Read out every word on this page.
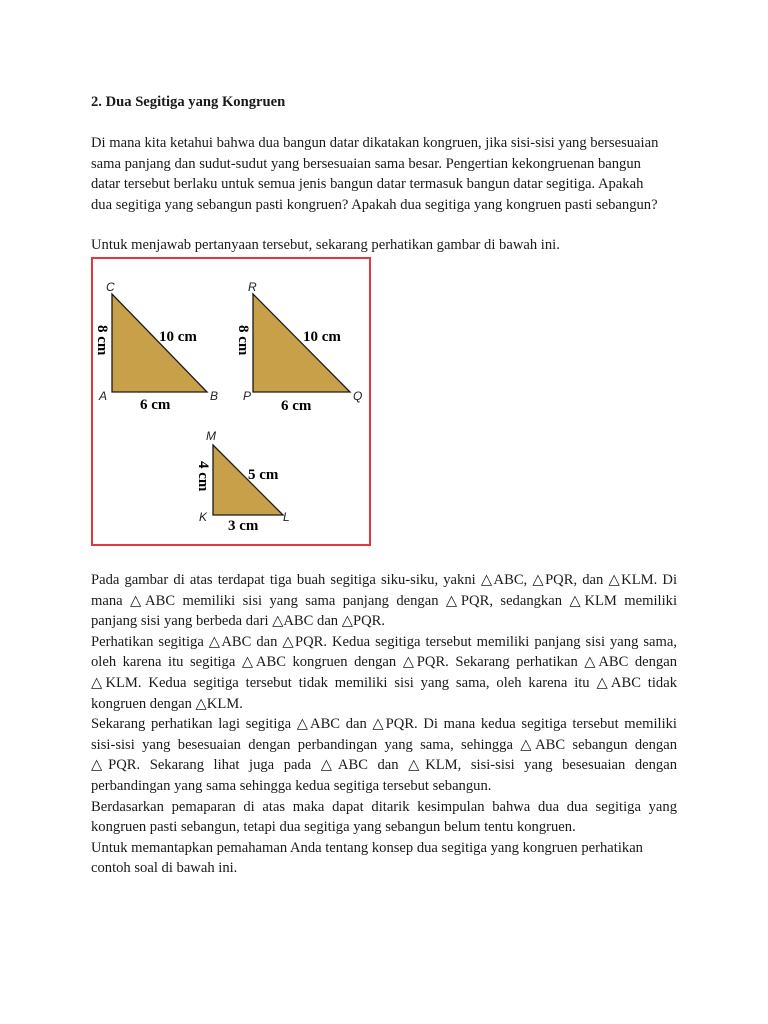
2. Dua Segitiga yang Kongruen
Di mana kita ketahui bahwa dua bangun datar dikatakan kongruen, jika sisi-sisi yang bersesuaian
sama panjang dan sudut-sudut yang bersesuaian sama besar. Pengertian kekongruenan bangun
datar tersebut berlaku untuk semua jenis bangun datar termasuk bangun datar segitiga. Apakah
dua segitiga yang sebangun pasti kongruen? Apakah dua segitiga yang kongruen pasti sebangun?
Untuk menjawab pertanyaan tersebut, sekarang perhatikan gambar di bawah ini.
C
A	B
8 cm	10 cm
6 cm
R
P	Q
8 cm	10 cm
6 cm
M
K	L
4 cm 5 cm
3 cm
Pada gambar di atas terdapat tiga buah segitiga siku-siku, yakni △ABC, △PQR, dan △KLM. Di
mana △ABC memiliki sisi yang sama panjang dengan △PQR, sedangkan △KLM memiliki
panjang sisi yang berbeda dari △ABC dan △PQR.
Perhatikan segitiga △ABC dan △PQR. Kedua segitiga tersebut memiliki panjang sisi yang sama,
oleh karena itu segitiga △ABC kongruen dengan △PQR. Sekarang perhatikan △ABC dengan
△KLM. Kedua segitiga tersebut tidak memiliki sisi yang sama, oleh karena itu △ABC tidak
kongruen dengan △KLM.
Sekarang perhatikan lagi segitiga △ABC dan △PQR. Di mana kedua segitiga tersebut memiliki
sisi-sisi yang besesuaian dengan perbandingan yang sama, sehingga △ABC sebangun dengan
△PQR. Sekarang lihat juga pada △ABC dan △KLM, sisi-sisi yang besesuaian dengan
perbandingan yang sama sehingga kedua segitiga tersebut sebangun.
Berdasarkan pemaparan di atas maka dapat ditarik kesimpulan bahwa dua dua segitiga yang
kongruen pasti sebangun, tetapi dua segitiga yang sebangun belum tentu kongruen.
Untuk memantapkan pemahaman Anda tentang konsep dua segitiga yang kongruen perhatikan
contoh soal di bawah ini.
